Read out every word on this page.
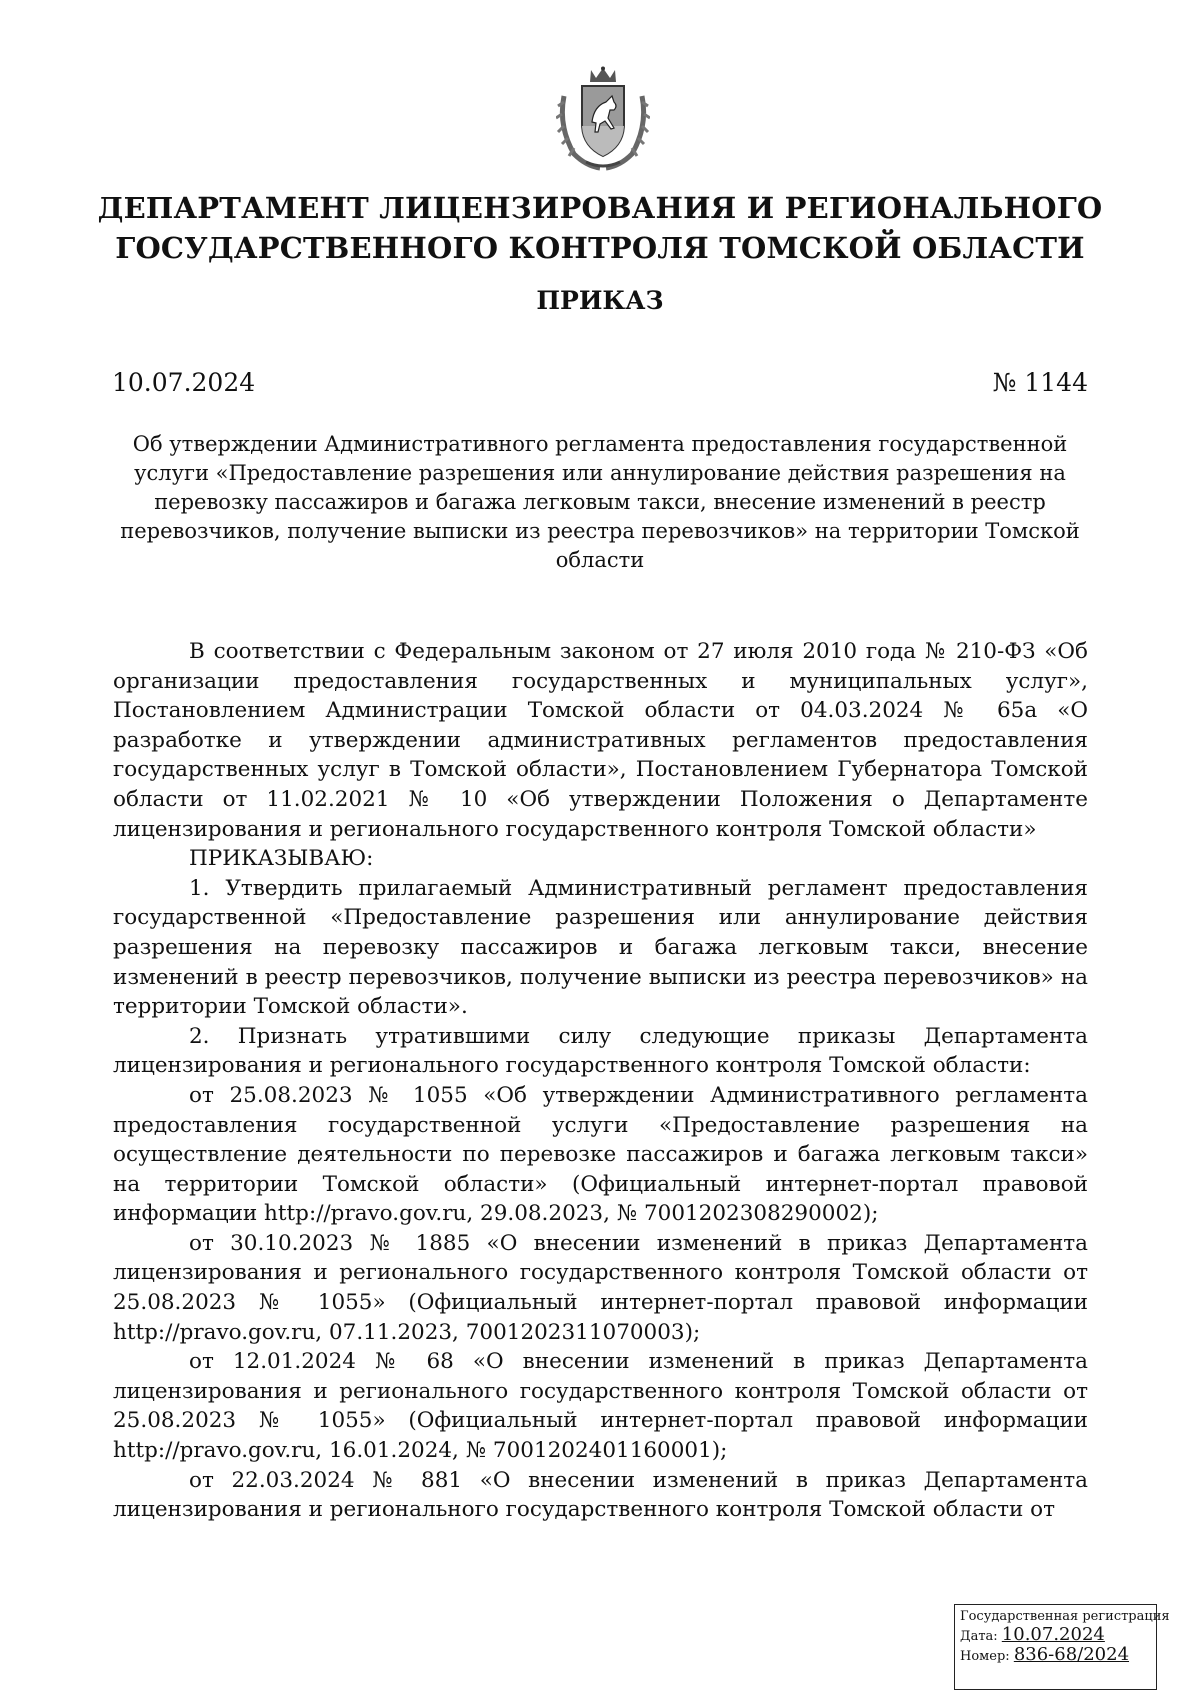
ДЕПАРТАМЕНТ ЛИЦЕНЗИРОВАНИЯ И РЕГИОНАЛЬНОГО ГОСУДАРСТВЕННОГО КОНТРОЛЯ ТОМСКОЙ ОБЛАСТИ
ПРИКАЗ
10.07.2024	№ 1144
Об утверждении Административного регламента предоставления государственной услуги «Предоставление разрешения или аннулирование действия разрешения на перевозку пассажиров и багажа легковым такси, внесение изменений в реестр перевозчиков, получение выписки из реестра перевозчиков» на территории Томской области

В соответствии с Федеральным законом от 27 июля 2010 года № 210-ФЗ «Об организации предоставления государственных и муниципальных услуг», Постановлением Администрации Томской области от 04.03.2024 № 65а «О разработке и утверждении административных регламентов предоставления государственных услуг в Томской области», Постановлением Губернатора Томской области от 11.02.2021 № 10 «Об утверждении Положения о Департаменте лицензирования и регионального государственного контроля Томской области»

ПРИКАЗЫВАЮ:

1. Утвердить прилагаемый Административный регламент предоставления государственной «Предоставление разрешения или аннулирование действия разрешения на перевозку пассажиров и багажа легковым такси, внесение изменений в реестр перевозчиков, получение выписки из реестра перевозчиков» на территории Томской области».

2. Признать утратившими силу следующие приказы Департамента лицензирования и регионального государственного контроля Томской области:

от 25.08.2023 № 1055 «Об утверждении Административного регламента предоставления государственной услуги «Предоставление разрешения на осуществление деятельности по перевозке пассажиров и багажа легковым такси» на территории Томской области» (Официальный интернет-портал правовой информации http://pravo.gov.ru, 29.08.2023, № 7001202308290002);

от 30.10.2023 № 1885 «О внесении изменений в приказ Департамента лицензирования и регионального государственного контроля Томской области от 25.08.2023 № 1055» (Официальный интернет-портал правовой информации http://pravo.gov.ru, 07.11.2023, 7001202311070003);

от 12.01.2024 № 68 «О внесении изменений в приказ Департамента лицензирования и регионального государственного контроля Томской области от 25.08.2023 № 1055» (Официальный интернет-портал правовой информации http://pravo.gov.ru, 16.01.2024, № 7001202401160001);

от 22.03.2024 № 881 «О внесении изменений в приказ Департамента лицензирования и регионального государственного контроля Томской области от

Государственная регистрация
Дата: 10.07.2024
Номер: 836-68/2024
